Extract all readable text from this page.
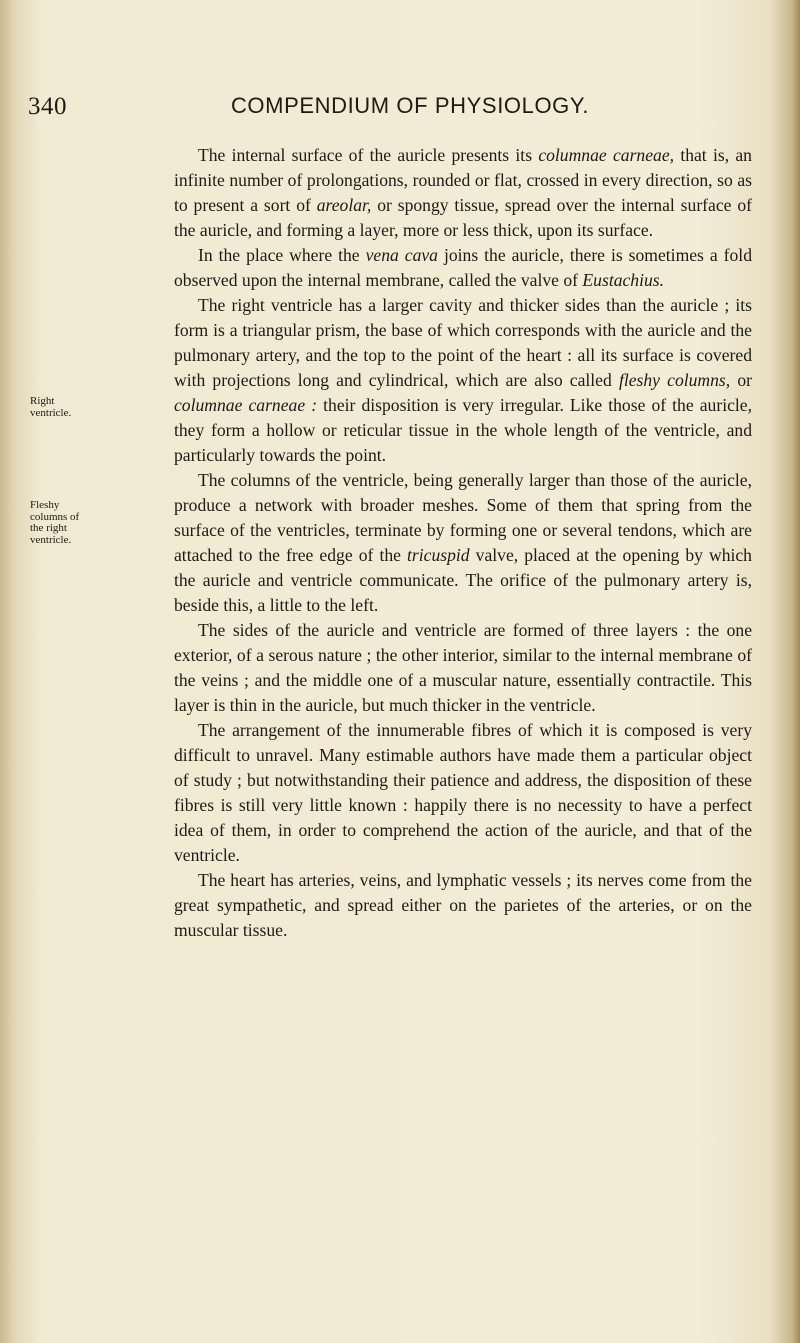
340	COMPENDIUM OF PHYSIOLOGY.
Right ventricle.
Fleshy columns of the right ventricle.

The internal surface of the auricle presents its columnae carneae, that is, an infinite number of prolongations, rounded or flat, crossed in every direction, so as to present a sort of areolar, or spongy tissue, spread over the internal surface of the auricle, and forming a layer, more or less thick, upon its surface.

In the place where the vena cava joins the auricle, there is sometimes a fold observed upon the internal membrane, called the valve of Eustachius.

The right ventricle has a larger cavity and thicker sides than the auricle ; its form is a triangular prism, the base of which corresponds with the auricle and the pulmonary artery, and the top to the point of the heart : all its surface is covered with projections long and cylindrical, which are also called fleshy columns, or columnae carneae : their disposition is very irregular. Like those of the auricle, they form a hollow or reticular tissue in the whole length of the ventricle, and particularly towards the point.

The columns of the ventricle, being generally larger than those of the auricle, produce a network with broader meshes. Some of them that spring from the surface of the ventricles, terminate by forming one or several tendons, which are attached to the free edge of the tricuspid valve, placed at the opening by which the auricle and ventricle communicate. The orifice of the pulmonary artery is, beside this, a little to the left.

The sides of the auricle and ventricle are formed of three layers : the one exterior, of a serous nature ; the other interior, similar to the internal membrane of the veins ; and the middle one of a muscular nature, essentially contractile. This layer is thin in the auricle, but much thicker in the ventricle.

The arrangement of the innumerable fibres of which it is composed is very difficult to unravel. Many estimable authors have made them a particular object of study ; but notwithstanding their patience and address, the disposition of these fibres is still very little known : happily there is no necessity to have a perfect idea of them, in order to comprehend the action of the auricle, and that of the ventricle.

The heart has arteries, veins, and lymphatic vessels ; its nerves come from the great sympathetic, and spread either on the parietes of the arteries, or on the muscular tissue.
